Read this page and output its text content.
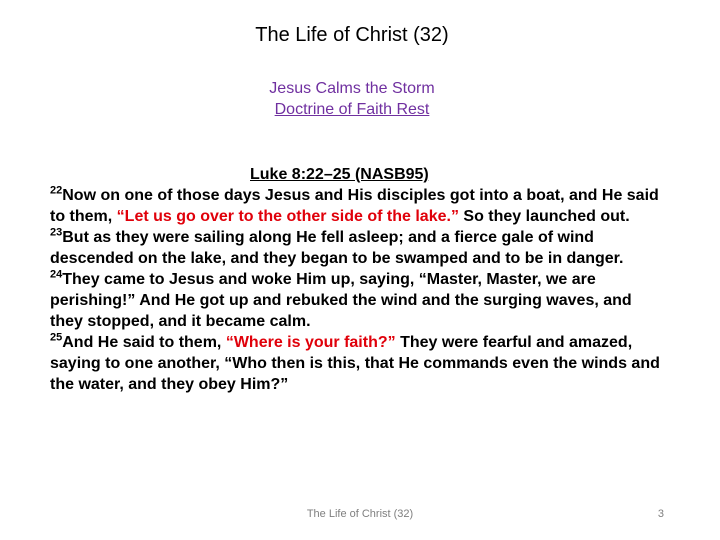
The Life of Christ (32)
Jesus Calms the Storm
Doctrine of Faith Rest

Luke 8:22–25 (NASB95)
$^{22}$Now on one of those days Jesus and His disciples got into a boat, and He said to them, “Let us go over to the other side of the lake.” So they launched out.
$^{23}$But as they were sailing along He fell asleep; and a fierce gale of wind descended on the lake, and they began to be swamped and to be in danger.
$^{24}$They came to Jesus and woke Him up, saying, “Master, Master, we are perishing!” And He got up and rebuked the wind and the surging waves, and they stopped, and it became calm.
$^{25}$And He said to them, “Where is your faith?” They were fearful and amazed, saying to one another, “Who then is this, that He commands even the winds and the water, and they obey Him?”

The Life of Christ (32)	3
